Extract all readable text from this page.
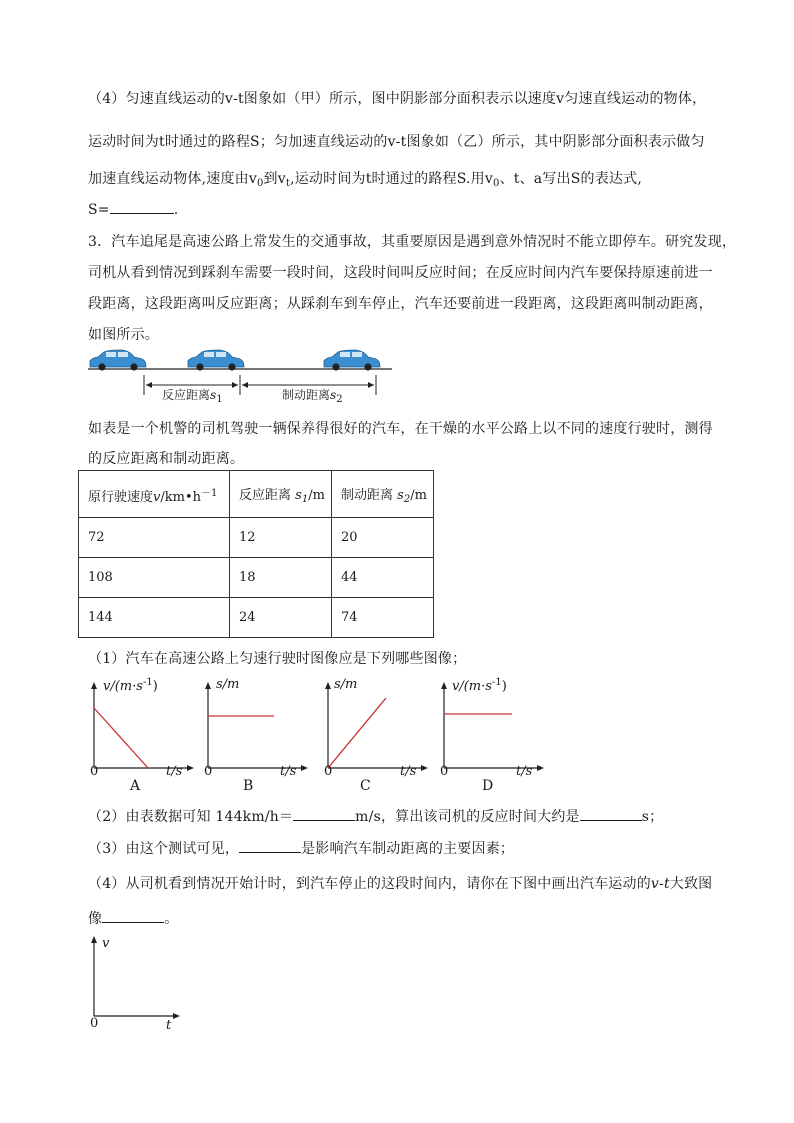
（4）匀速直线运动的v-t图象如（甲）所示，图中阴影部分面积表示以速度v匀速直线运动的物体，
运动时间为t时通过的路程S；匀加速直线运动的v-t图象如（乙）所示，其中阴影部分面积表示做匀
加速直线运动物体,速度由$v_0$到$v_t$,运动时间为t时通过的路程S.用$v_0$、t、a写出S的表达式,
S=	.
3．汽车追尾是高速公路上常发生的交通事故，其重要原因是遇到意外情况时不能立即停车。研究发现，
司机从看到情况到踩刹车需要一段时间，这段时间叫反应时间；在反应时间内汽车要保持原速前进一
段距离，这段距离叫反应距离；从踩刹车到车停止，汽车还要前进一段距离，这段距离叫制动距离，
如图所示。
反应距离$s_1$	制动距离$s_2$
如表是一个机警的司机驾驶一辆保养得很好的汽车，在干燥的水平公路上以不同的速度行驶时，测得
的反应距离和制动距离。
原行驶速度$v/km•h^{-1}$	反应距离 $s_1/m$	制动距离 $s_2/m$
72	12	20
108	18	44
144	24	74
（1）汽车在高速公路上匀速行驶时图像应是下列哪些图像；
$v/(m\cdot s^{-1})$
0	t/s
A
s/m
0	t/s
B
s/m
0	t/s
C
$v/(m\cdot s^{-1})$
0	t/s
D
（2）由表数据可知 144km/h＝	m/s，算出该司机的反应时间大约是	s；
（3）由这个测试可见，	是影响汽车制动距离的主要因素；
（4）从司机看到情况开始计时，到汽车停止的这段时间内，请你在下图中画出汽车运动的v-t大致图
像	。
v
0	t
